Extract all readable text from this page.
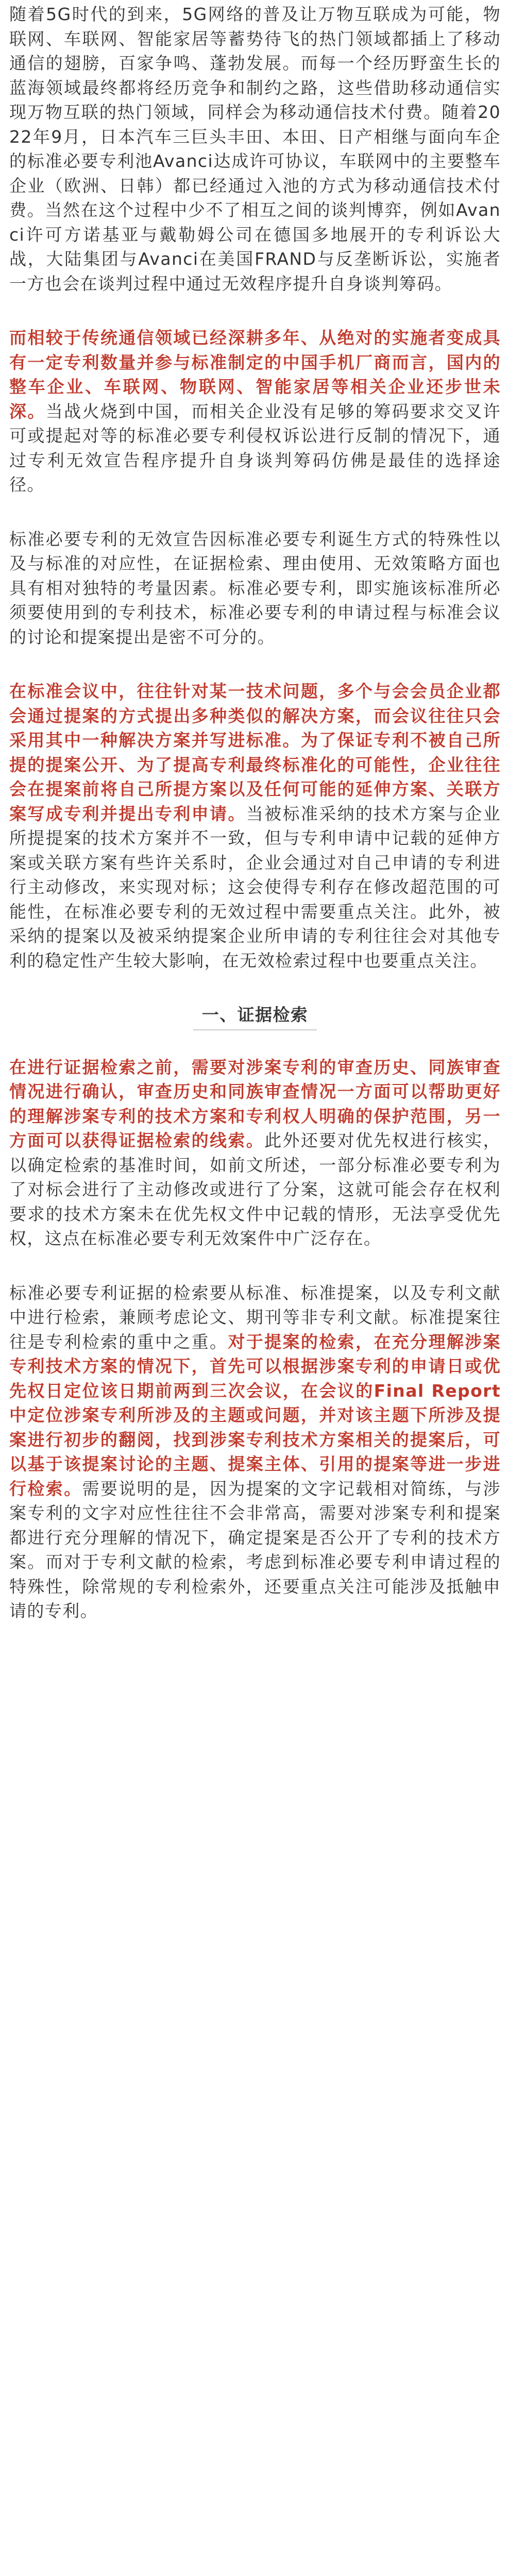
随着5G时代的到来，5G网络的普及让万物互联成为可能，物联网、车联网、智能家居等蓄势待飞的热门领域都插上了移动通信的翅膀，百家争鸣、蓬勃发展。而每一个经历野蛮生长的蓝海领域最终都将经历竞争和制约之路，这些借助移动通信实现万物互联的热门领域，同样会为移动通信技术付费。随着2022年9月，日本汽车三巨头丰田、本田、日产相继与面向车企的标准必要专利池Avanci达成许可协议，车联网中的主要整车企业（欧洲、日韩）都已经通过入池的方式为移动通信技术付费。当然在这个过程中少不了相互之间的谈判博弈，例如Avanci许可方诺基亚与戴勒姆公司在德国多地展开的专利诉讼大战，大陆集团与Avanci在美国FRAND与反垄断诉讼，实施者一方也会在谈判过程中通过无效程序提升自身谈判筹码。

而相较于传统通信领域已经深耕多年、从绝对的实施者变成具有一定专利数量并参与标准制定的中国手机厂商而言，国内的整车企业、车联网、物联网、智能家居等相关企业还步世未深。当战火烧到中国，而相关企业没有足够的筹码要求交叉许可或提起对等的标准必要专利侵权诉讼进行反制的情况下，通过专利无效宣告程序提升自身谈判筹码仿佛是最佳的选择途径。

标准必要专利的无效宣告因标准必要专利诞生方式的特殊性以及与标准的对应性，在证据检索、理由使用、无效策略方面也具有相对独特的考量因素。标准必要专利，即实施该标准所必须要使用到的专利技术，标准必要专利的申请过程与标准会议的讨论和提案提出是密不可分的。

在标准会议中，往往针对某一技术问题，多个与会会员企业都会通过提案的方式提出多种类似的解决方案，而会议往往只会采用其中一种解决方案并写进标准。为了保证专利不被自己所提的提案公开、为了提高专利最终标准化的可能性，企业往往会在提案前将自己所提方案以及任何可能的延伸方案、关联方案写成专利并提出专利申请。当被标准采纳的技术方案与企业所提提案的技术方案并不一致，但与专利申请中记载的延伸方案或关联方案有些许关系时，企业会通过对自己申请的专利进行主动修改，来实现对标；这会使得专利存在修改超范围的可能性，在标准必要专利的无效过程中需要重点关注。此外，被采纳的提案以及被采纳提案企业所申请的专利往往会对其他专利的稳定性产生较大影响，在无效检索过程中也要重点关注。

一、证据检索

在进行证据检索之前，需要对涉案专利的审查历史、同族审查情况进行确认，审查历史和同族审查情况一方面可以帮助更好的理解涉案专利的技术方案和专利权人明确的保护范围，另一方面可以获得证据检索的线索。此外还要对优先权进行核实，以确定检索的基准时间，如前文所述，一部分标准必要专利为了对标会进行了主动修改或进行了分案，这就可能会存在权利要求的技术方案未在优先权文件中记载的情形，无法享受优先权，这点在标准必要专利无效案件中广泛存在。

标准必要专利证据的检索要从标准、标准提案，以及专利文献中进行检索，兼顾考虑论文、期刊等非专利文献。标准提案往往是专利检索的重中之重。对于提案的检索，在充分理解涉案专利技术方案的情况下，首先可以根据涉案专利的申请日或优先权日定位该日期前两到三次会议，在会议的Final Report中定位涉案专利所涉及的主题或问题，并对该主题下所涉及提案进行初步的翻阅，找到涉案专利技术方案相关的提案后，可以基于该提案讨论的主题、提案主体、引用的提案等进一步进行检索。需要说明的是，因为提案的文字记载相对简练，与涉案专利的文字对应性往往不会非常高，需要对涉案专利和提案都进行充分理解的情况下，确定提案是否公开了专利的技术方案。而对于专利文献的检索，考虑到标准必要专利申请过程的特殊性，除常规的专利检索外，还要重点关注可能涉及抵触申请的专利。
